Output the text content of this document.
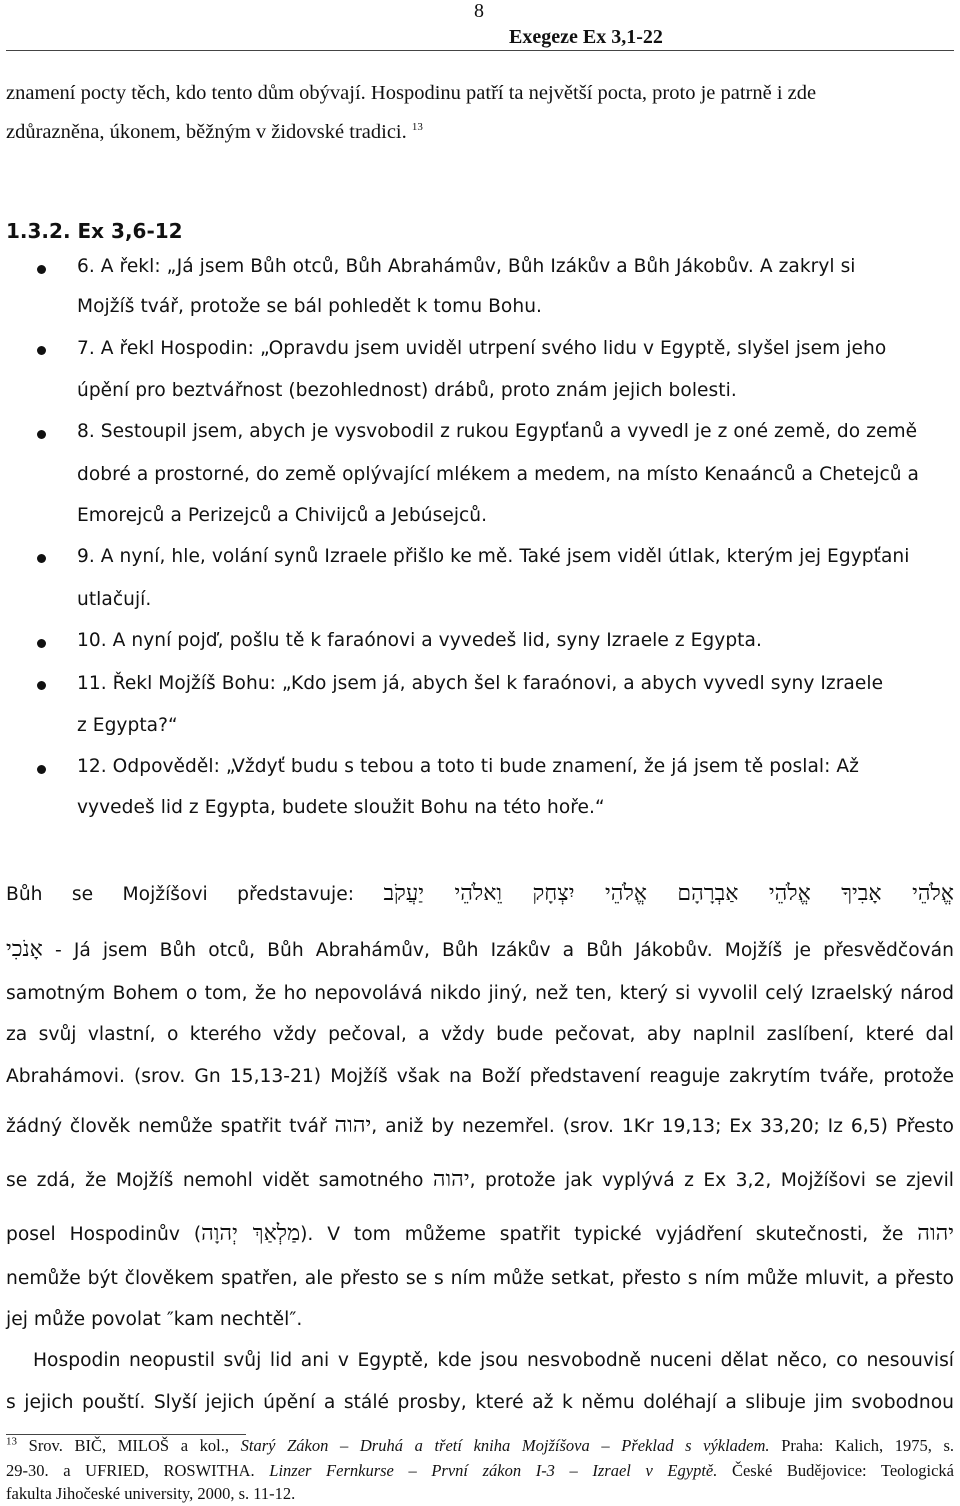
8
Exegeze Ex 3,1-22
znamení pocty těch, kdo tento dům obývají. Hospodinu patří ta největší pocta, proto je patrně i zde
zdůrazněna, úkonem, běžným v židovské tradici. $^{13}$
1.3.2. Ex 3,6-12
6. A řekl: „Já jsem Bůh otců, Bůh Abrahámův, Bůh Izákův a Bůh Jákobův. A zakryl si
Mojžíš tvář, protože se bál pohledět k tomu Bohu.
7. A řekl Hospodin: „Opravdu jsem uviděl utrpení svého lidu v Egyptě, slyšel jsem jeho
úpění pro beztvářnost (bezohlednost) drábů, proto znám jejich bolesti.
8. Sestoupil jsem, abych je vysvobodil z rukou Egypťanů a vyvedl je z oné země, do země
dobré a prostorné, do země oplývající mlékem a medem, na místo Kenaánců a Chetejců a
Emorejců a Perizejců a Chivijců a Jebúsejců.
9. A nyní, hle, volání synů Izraele přišlo ke mě. Také jsem viděl útlak, kterým jej Egypťani
utlačují.
10. A nyní pojď, pošlu tě k faraónovi a vyvedeš lid, syny Izraele z Egypta.
11. Řekl Mojžíš Bohu: „Kdo jsem já, abych šel k faraónovi, a abych vyvedl syny Izraele
z Egypta?“
12. Odpověděl: „Vždyť budu s tebou a toto ti bude znamení, že já jsem tě poslal: Až
vyvedeš lid z Egypta, budete sloužit Bohu na této hoře.“
Bůh se Mojžíšovi představuje: אֱלֹהֵי אָבִיךָ אֱלֹהֵי אַבְרָהָם אֱלֹהֵי יִצְחָק וֵאלֹהֵי יַעֲקֹב
אָנֹכִי - Já jsem Bůh otců, Bůh Abrahámův, Bůh Izákův a Bůh Jákobův. Mojžíš je přesvědčován
samotným Bohem o tom, že ho nepovolává nikdo jiný, než ten, který si vyvolil celý Izraelský národ
za svůj vlastní, o kterého vždy pečoval, a vždy bude pečovat, aby naplnil zaslíbení, které dal
Abrahámovi. (srov. Gn 15,13-21) Mojžíš však na Boží představení reaguje zakrytím tváře, protože
žádný člověk nemůže spatřit tvář יהוה, aniž by nezemřel. (srov. 1Kr 19,13; Ex 33,20; Iz 6,5) Přesto
se zdá, že Mojžíš nemohl vidět samotného יהוה, protože jak vyplývá z Ex 3,2, Mojžíšovi se zjevil
posel Hospodinův (מַלְאַךְ יְהוָה). V tom můžeme spatřit typické vyjádření skutečnosti, že יהוה
nemůže být člověkem spatřen, ale přesto se s ním může setkat, přesto s ním může mluvit, a přesto
jej může povolat ″kam nechtěl″.
Hospodin neopustil svůj lid ani v Egyptě, kde jsou nesvobodně nuceni dělat něco, co nesouvisí
s jejich pouští. Slyší jejich úpění a stálé prosby, které až k němu doléhají a slibuje jim svobodnou
$^{13}$ Srov. BIČ, MILOŠ a kol., Starý Zákon – Druhá a třetí kniha Mojžíšova – Překlad s výkladem. Praha: Kalich, 1975, s.
29-30. a UFRIED, ROSWITHA. Linzer Fernkurse – První zákon I-3 – Izrael v Egyptě. České Budějovice: Teologická
fakulta Jihočeské university, 2000, s. 11-12.
